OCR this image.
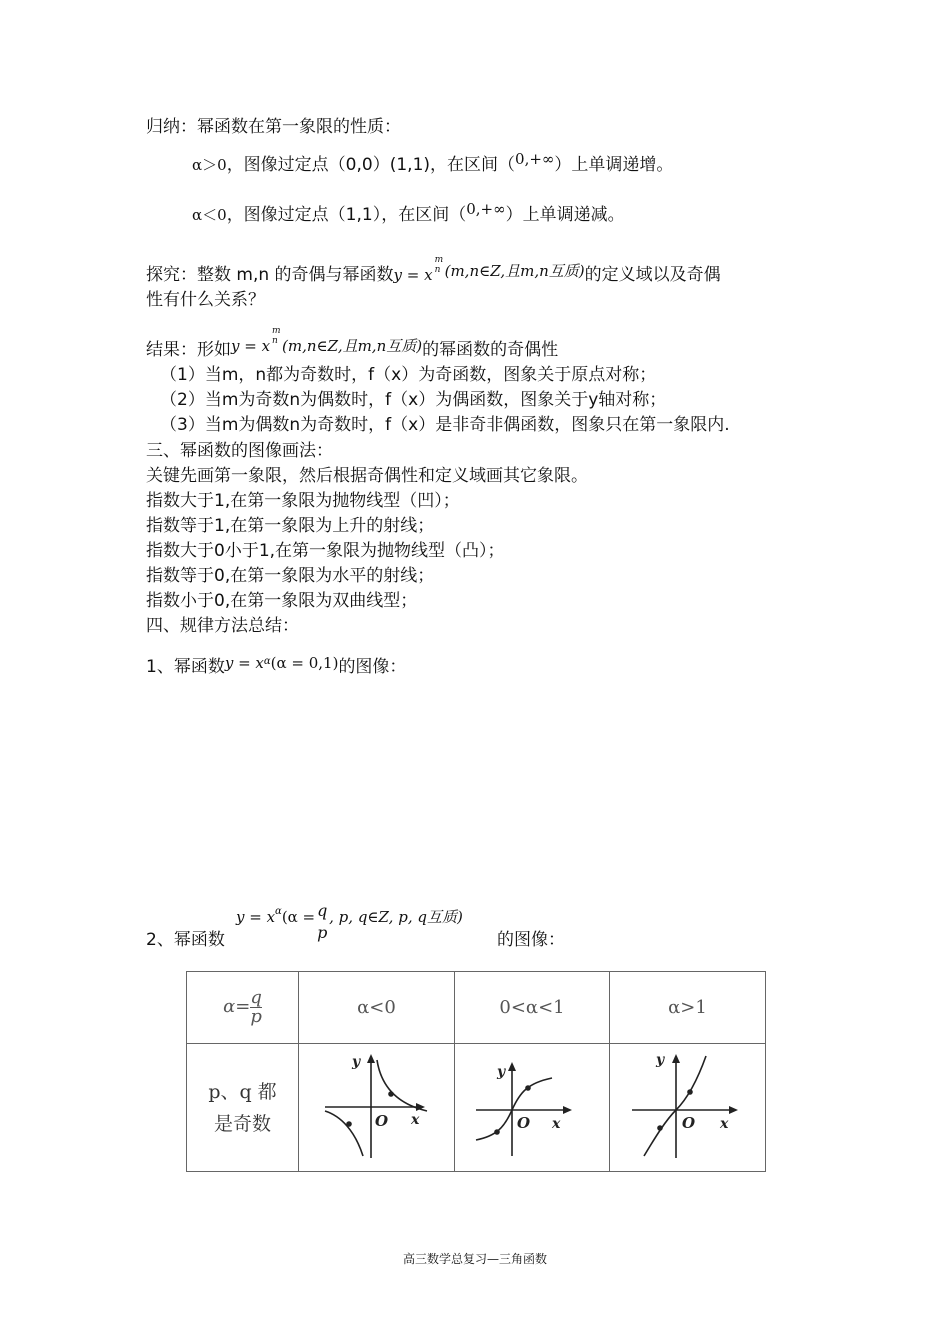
归纳：幂函数在第一象限的性质：
α＞0，图像过定点（0,0）(1,1)，在区间（0,+∞）上单调递增。
α＜0，图像过定点（1,1），在区间（0,+∞）上单调递减。
探究：整数 m,n 的奇偶与幂函数y = x
m
n (m,n∈Z,且m,n互质)的定义域以及奇偶
性有什么关系？
结果：形如y = x
m
n (m,n∈Z,且m,n互质)的幂函数的奇偶性
（1）当m，n都为奇数时，f（x）为奇函数，图象关于原点对称；
（2）当m为奇数n为偶数时，f（x）为偶函数，图象关于y轴对称；
（3）当m为偶数n为奇数时，f（x）是非奇非偶函数，图象只在第一象限内.
三、幂函数的图像画法：
关键先画第一象限，然后根据奇偶性和定义域画其它象限。
指数大于1,在第一象限为抛物线型（凹）；
指数等于1,在第一象限为上升的射线；
指数大于0小于1,在第一象限为抛物线型（凸）；
指数等于0,在第一象限为水平的射线；
指数小于0,在第一象限为双曲线型；
四、规律方法总结：
1、幂函数$y = x^\alpha(\alpha = 0,1)$的图像：
2、幂函数
$y = x^\alpha(\alpha = q$
p
, p, q∈Z, p, q互质)
的图像：
$\alpha= \frac{q}{p}$	α<0	0<α<1	α>1

p、q 都
是奇数	y
x
O	y
x
O	y
x
O
高三数学总复习—三角函数
